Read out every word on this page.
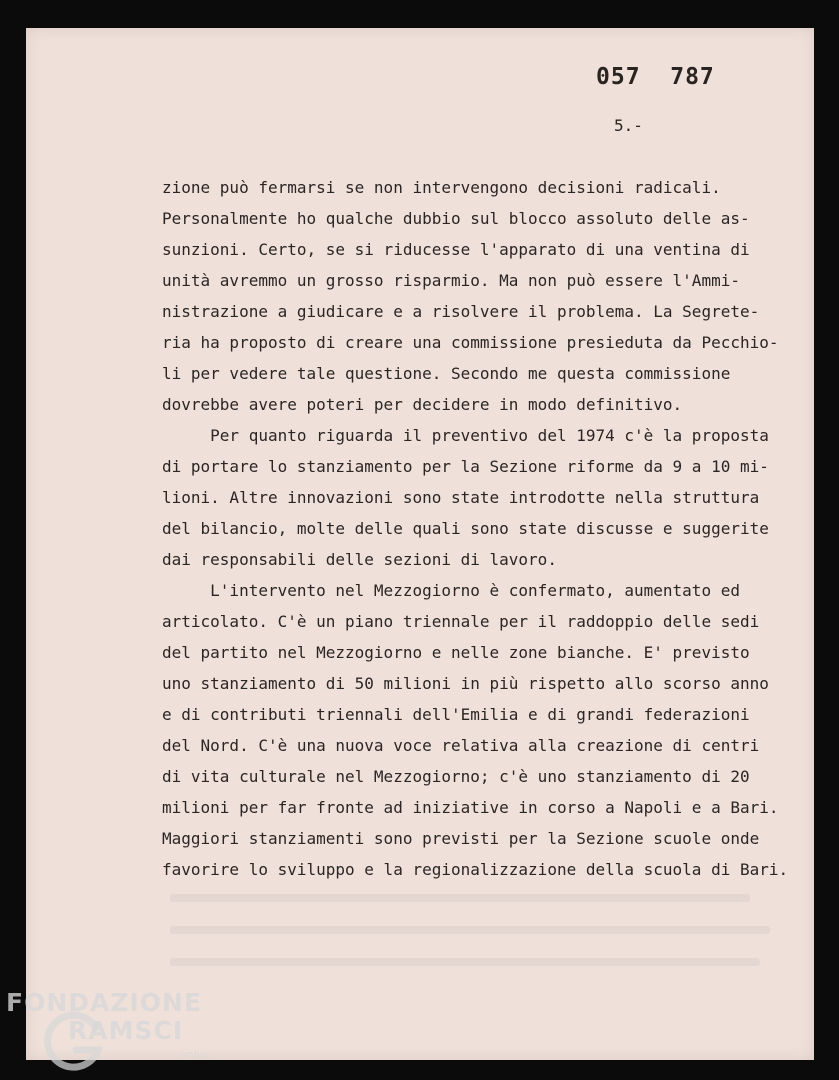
057  787
5.-
zione può fermarsi se non intervengono decisioni radicali.
Personalmente ho qualche dubbio sul blocco assoluto delle as-
sunzioni. Certo, se si riducesse l'apparato di una ventina di
unità avremmo un grosso risparmio. Ma non può essere l'Ammi-
nistrazione a giudicare e a risolvere il problema. La Segrete-
ria ha proposto di creare una commissione presieduta da Pecchio-
li per vedere tale questione. Secondo me questa commissione
dovrebbe avere poteri per decidere in modo definitivo.
Per quanto riguarda il preventivo del 1974 c'è la proposta
di portare lo stanziamento per la Sezione riforme da 9 a 10 mi-
lioni. Altre innovazioni sono state introdotte nella struttura
del bilancio, molte delle quali sono state discusse e suggerite
dai responsabili delle sezioni di lavoro.
L'intervento nel Mezzogiorno è confermato, aumentato ed
articolato. C'è un piano triennale per il raddoppio delle sedi
del partito nel Mezzogiorno e nelle zone bianche. E' previsto
uno stanziamento di 50 milioni in più rispetto allo scorso anno
e di contributi triennali dell'Emilia e di grandi federazioni
del Nord. C'è una nuova voce relativa alla creazione di centri
di vita culturale nel Mezzogiorno; c'è uno stanziamento di 20
milioni per far fronte ad iniziative in corso a Napoli e a Bari.
Maggiori stanziamenti sono previsti per la Sezione scuole onde
favorire lo sviluppo e la regionalizzazione della scuola di Bari.
FONDAZIONE
RAMSCI
onlus
